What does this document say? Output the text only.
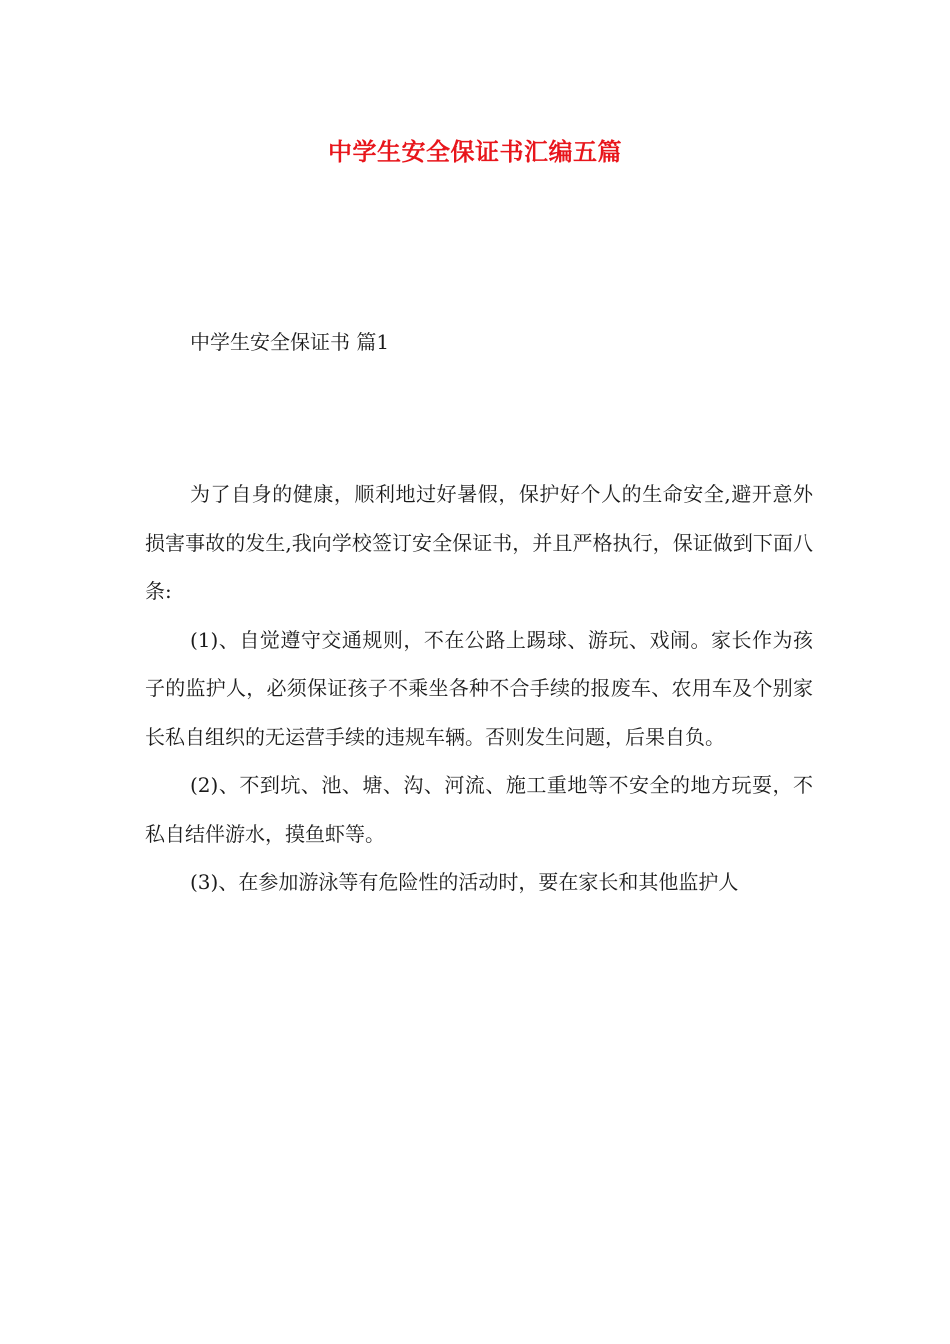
中学生安全保证书汇编五篇
中学生安全保证书 篇1

为了自身的健康，顺利地过好暑假，保护好个人的生命安全,避开意外损害事故的发生,我向学校签订安全保证书，并且严格执行，保证做到下面八条:

(1)、自觉遵守交通规则，不在公路上踢球、游玩、戏闹。家长作为孩子的监护人，必须保证孩子不乘坐各种不合手续的报废车、农用车及个别家长私自组织的无运营手续的违规车辆。否则发生问题，后果自负。

(2)、不到坑、池、塘、沟、河流、施工重地等不安全的地方玩耍，不私自结伴游水，摸鱼虾等。

(3)、在参加游泳等有危险性的活动时，要在家长和其他监护人
